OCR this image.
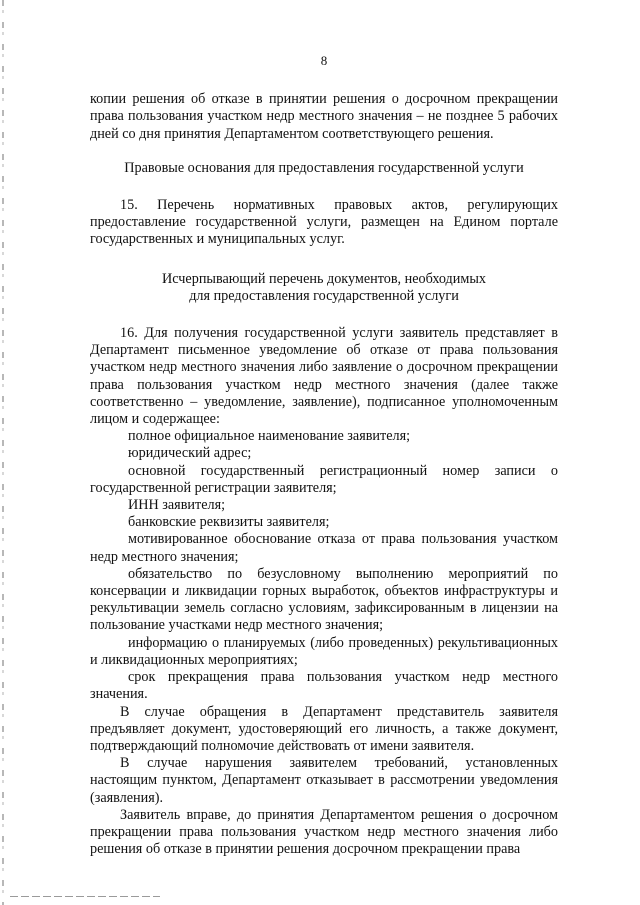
8

копии решения об отказе в принятии решения о досрочном прекращении права пользования участком недр местного значения – не позднее 5 рабочих дней со дня принятия Департаментом соответствующего решения.

Правовые основания для предоставления государственной услуги

15. Перечень нормативных правовых актов, регулирующих предоставление государственной услуги, размещен на Едином портале государственных и муниципальных услуг.

Исчерпывающий перечень документов, необходимых

для предоставления государственной услуги

16. Для получения государственной услуги заявитель представляет в Департамент письменное уведомление об отказе от права пользования участком недр местного значения либо заявление о досрочном прекращении права пользования участком недр местного значения (далее также соответственно – уведомление, заявление), подписанное уполномоченным лицом и содержащее:

полное официальное наименование заявителя;

юридический адрес;

основной государственный регистрационный номер записи о государственной регистрации заявителя;

ИНН заявителя;

банковские реквизиты заявителя;

мотивированное обоснование отказа от права пользования участком недр местного значения;

обязательство по безусловному выполнению мероприятий по консервации и ликвидации горных выработок, объектов инфраструктуры и рекультивации земель согласно условиям, зафиксированным в лицензии на пользование участками недр местного значения;

информацию о планируемых (либо проведенных) рекультивационных и ликвидационных мероприятиях;

срок прекращения права пользования участком недр местного значения.

В случае обращения в Департамент представитель заявителя предъявляет документ, удостоверяющий его личность, а также документ, подтверждающий полномочие действовать от имени заявителя.

В случае нарушения заявителем требований, установленных настоящим пунктом, Департамент отказывает в рассмотрении уведомления (заявления).

Заявитель вправе, до принятия Департаментом решения о досрочном прекращении права пользования участком недр местного значения либо решения об отказе в принятии решения досрочном прекращении права
